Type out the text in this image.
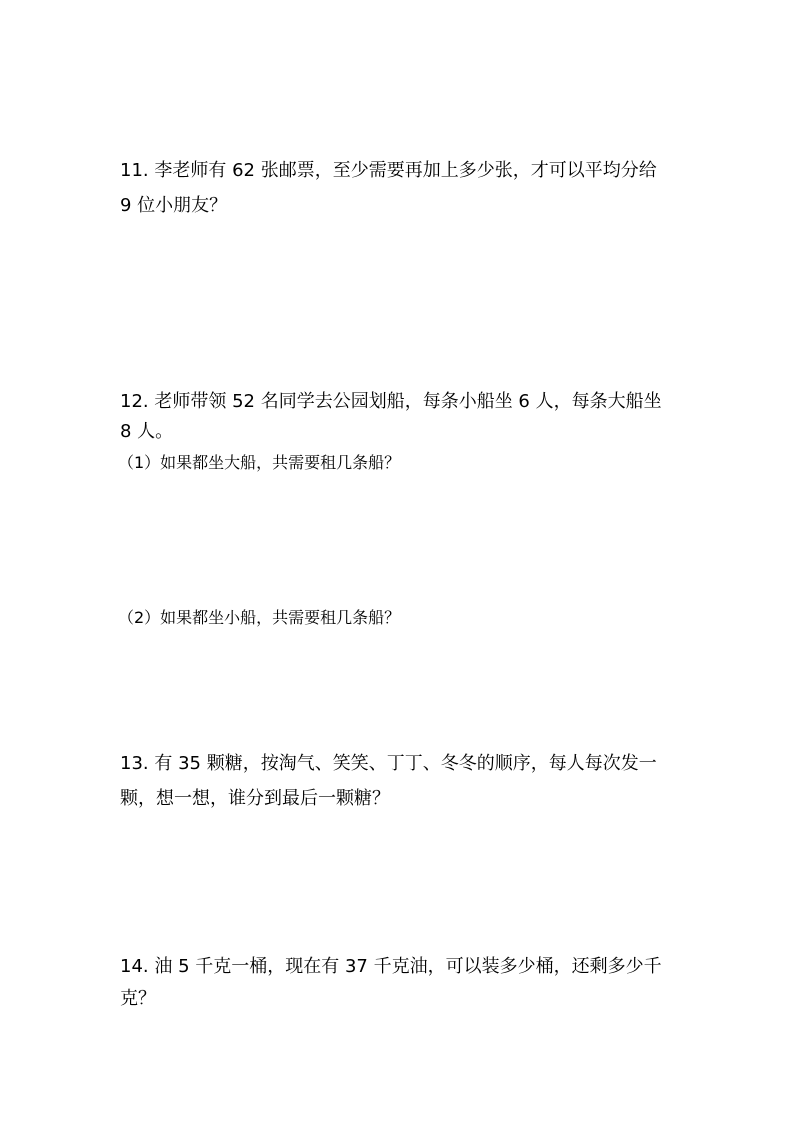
11. 李老师有 62 张邮票，至少需要再加上多少张，才可以平均分给
9 位小朋友？
12. 老师带领 52 名同学去公园划船，每条小船坐 6 人，每条大船坐
8 人。
（1）如果都坐大船，共需要租几条船？
（2）如果都坐小船，共需要租几条船？
13. 有 35 颗糖，按淘气、笑笑、丁丁、冬冬的顺序，每人每次发一
颗，想一想，谁分到最后一颗糖？
14. 油 5 千克一桶，现在有 37 千克油，可以装多少桶，还剩多少千
克？
